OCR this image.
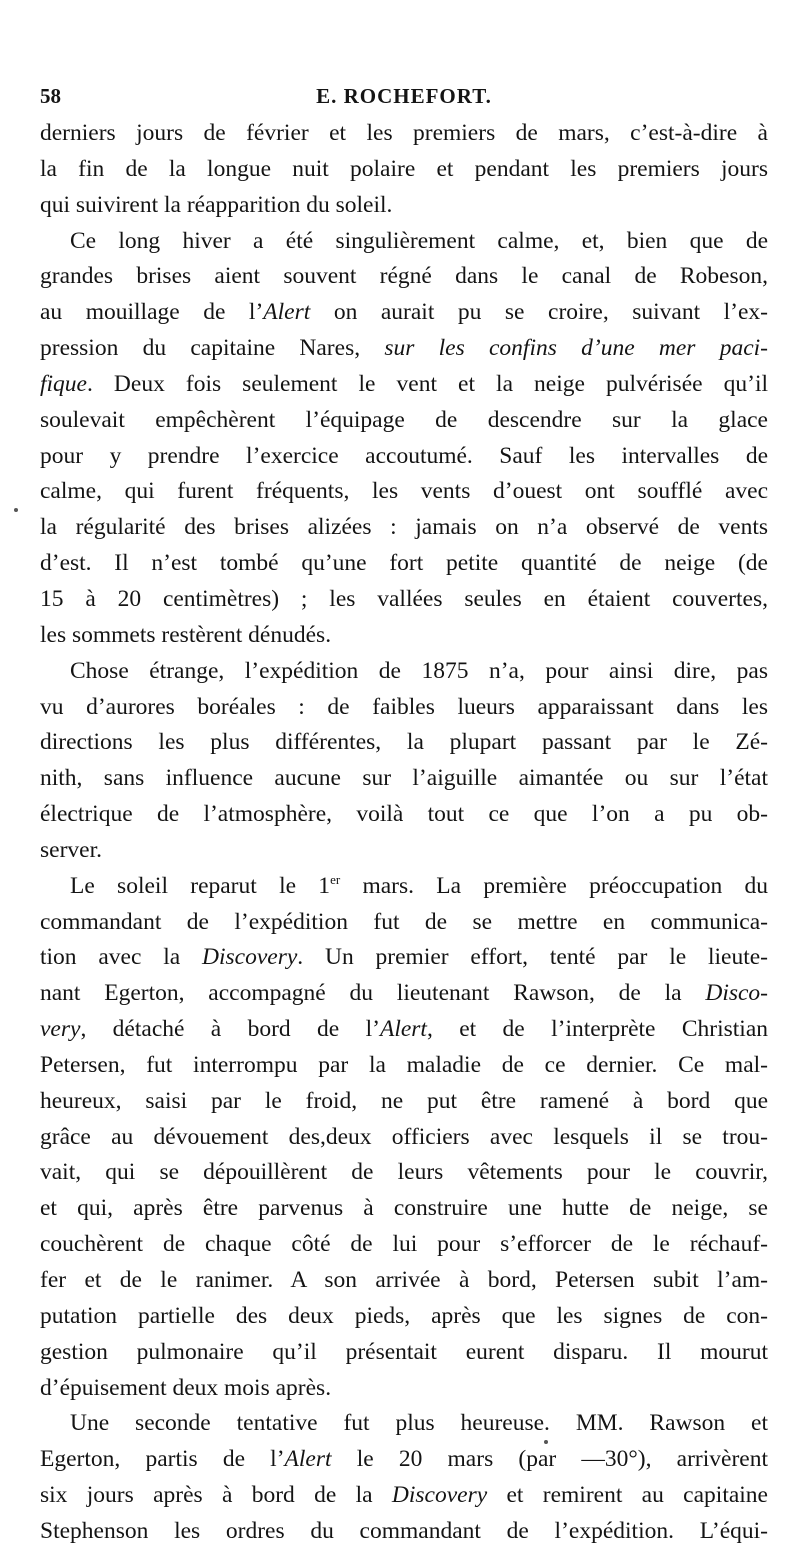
58	E. ROCHEFORT.
derniers jours de février et les premiers de mars, c’est-à-dire à
la fin de la longue nuit polaire et pendant les premiers jours
qui suivirent la réapparition du soleil.
Ce long hiver a été singulièrement calme, et, bien que de
grandes brises aient souvent régné dans le canal de Robeson,
au mouillage de l’Alert on aurait pu se croire, suivant l’ex-
pression du capitaine Nares, sur les confins d’une mer paci-
fique. Deux fois seulement le vent et la neige pulvérisée qu’il
soulevait empêchèrent l’équipage de descendre sur la glace
pour y prendre l’exercice accoutumé. Sauf les intervalles de
calme, qui furent fréquents, les vents d’ouest ont soufflé avec
la régularité des brises alizées : jamais on n’a observé de vents
d’est. Il n’est tombé qu’une fort petite quantité de neige (de
15 à 20 centimètres) ; les vallées seules en étaient couvertes,
les sommets restèrent dénudés.
Chose étrange, l’expédition de 1875 n’a, pour ainsi dire, pas
vu d’aurores boréales : de faibles lueurs apparaissant dans les
directions les plus différentes, la plupart passant par le Zé-
nith, sans influence aucune sur l’aiguille aimantée ou sur l’état
électrique de l’atmosphère, voilà tout ce que l’on a pu ob-
server.
Le soleil reparut le 1er mars. La première préoccupation du
commandant de l’expédition fut de se mettre en communica-
tion avec la Discovery. Un premier effort, tenté par le lieute-
nant Egerton, accompagné du lieutenant Rawson, de la Disco-
very, détaché à bord de l’Alert, et de l’interprète Christian
Petersen, fut interrompu par la maladie de ce dernier. Ce mal-
heureux, saisi par le froid, ne put être ramené à bord que
grâce au dévouement des,deux officiers avec lesquels il se trou-
vait, qui se dépouillèrent de leurs vêtements pour le couvrir,
et qui, après être parvenus à construire une hutte de neige, se
couchèrent de chaque côté de lui pour s’efforcer de le réchauf-
fer et de le ranimer. A son arrivée à bord, Petersen subit l’am-
putation partielle des deux pieds, après que les signes de con-
gestion pulmonaire qu’il présentait eurent disparu. Il mourut
d’épuisement deux mois après.
Une seconde tentative fut plus heureuse. MM. Rawson et
Egerton, partis de l’Alert le 20 mars (par —30°), arrivèrent
six jours après à bord de la Discovery et remirent au capitaine
Stephenson les ordres du commandant de l’expédition. L’équi-
